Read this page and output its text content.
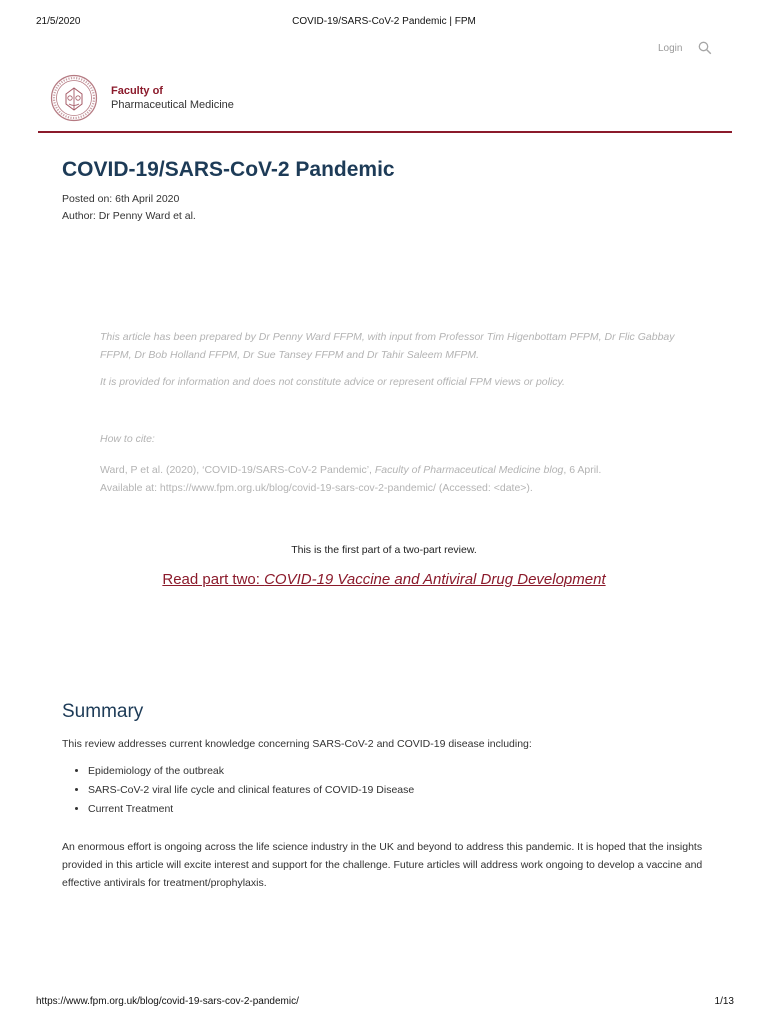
21/5/2020	COVID-19/SARS-CoV-2 Pandemic | FPM
Login
Faculty of
Pharmaceutical Medicine
COVID-19/SARS-CoV-2 Pandemic
Posted on: 6th April 2020
Author: Dr Penny Ward et al.

This article has been prepared by Dr Penny Ward FFPM, with input from Professor Tim Higenbottam PFPM, Dr Flic Gabbay FFPM, Dr Bob Holland FFPM, Dr Sue Tansey FFPM and Dr Tahir Saleem MFPM.

It is provided for information and does not constitute advice or represent official FPM views or policy.

How to cite:
Ward, P et al. (2020), ‘COVID-19/SARS-CoV-2 Pandemic’, Faculty of Pharmaceutical Medicine blog, 6 April.
Available at: https://www.fpm.org.uk/blog/covid-19-sars-cov-2-pandemic/ (Accessed: <date>).
This is the first part of a two-part review.
Read part two: COVID-19 Vaccine and Antiviral Drug Development
Summary
This review addresses current knowledge concerning SARS-CoV-2 and COVID-19 disease including:
• Epidemiology of the outbreak
• SARS-CoV-2 viral life cycle and clinical features of COVID-19 Disease
• Current Treatment

An enormous effort is ongoing across the life science industry in the UK and beyond to address this pandemic. It is hoped that the insights provided in this article will excite interest and support for the challenge. Future articles will address work ongoing to develop a vaccine and effective antivirals for treatment/prophylaxis.

https://www.fpm.org.uk/blog/covid-19-sars-cov-2-pandemic/	1/13
